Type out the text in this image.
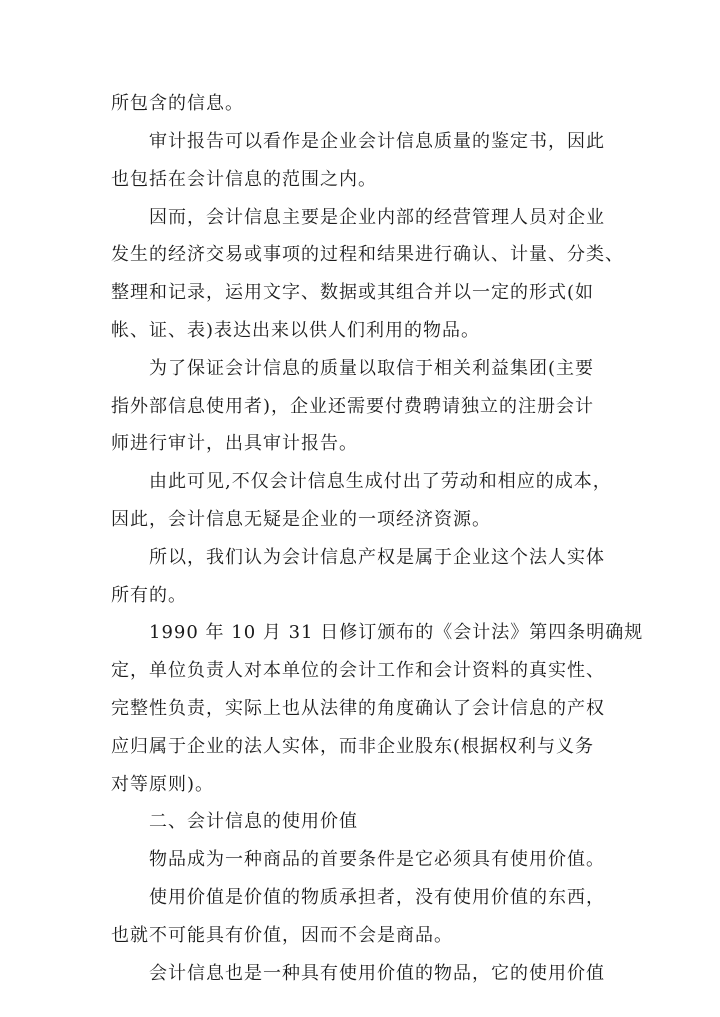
所包含的信息。
审计报告可以看作是企业会计信息质量的鉴定书，因此
也包括在会计信息的范围之内。
因而，会计信息主要是企业内部的经营管理人员对企业
发生的经济交易或事项的过程和结果进行确认、计量、分类、
整理和记录，运用文字、数据或其组合并以一定的形式(如
帐、证、表)表达出来以供人们利用的物品。
为了保证会计信息的质量以取信于相关利益集团(主要
指外部信息使用者)，企业还需要付费聘请独立的注册会计
师进行审计，出具审计报告。
由此可见,不仅会计信息生成付出了劳动和相应的成本，
因此，会计信息无疑是企业的一项经济资源。
所以，我们认为会计信息产权是属于企业这个法人实体
所有的。
1990 年 10 月 31 日修订颁布的《会计法》第四条明确规
定，单位负责人对本单位的会计工作和会计资料的真实性、
完整性负责，实际上也从法律的角度确认了会计信息的产权
应归属于企业的法人实体，而非企业股东(根据权利与义务
对等原则)。
二、会计信息的使用价值
物品成为一种商品的首要条件是它必须具有使用价值。
使用价值是价值的物质承担者，没有使用价值的东西，
也就不可能具有价值，因而不会是商品。
会计信息也是一种具有使用价值的物品，它的使用价值
